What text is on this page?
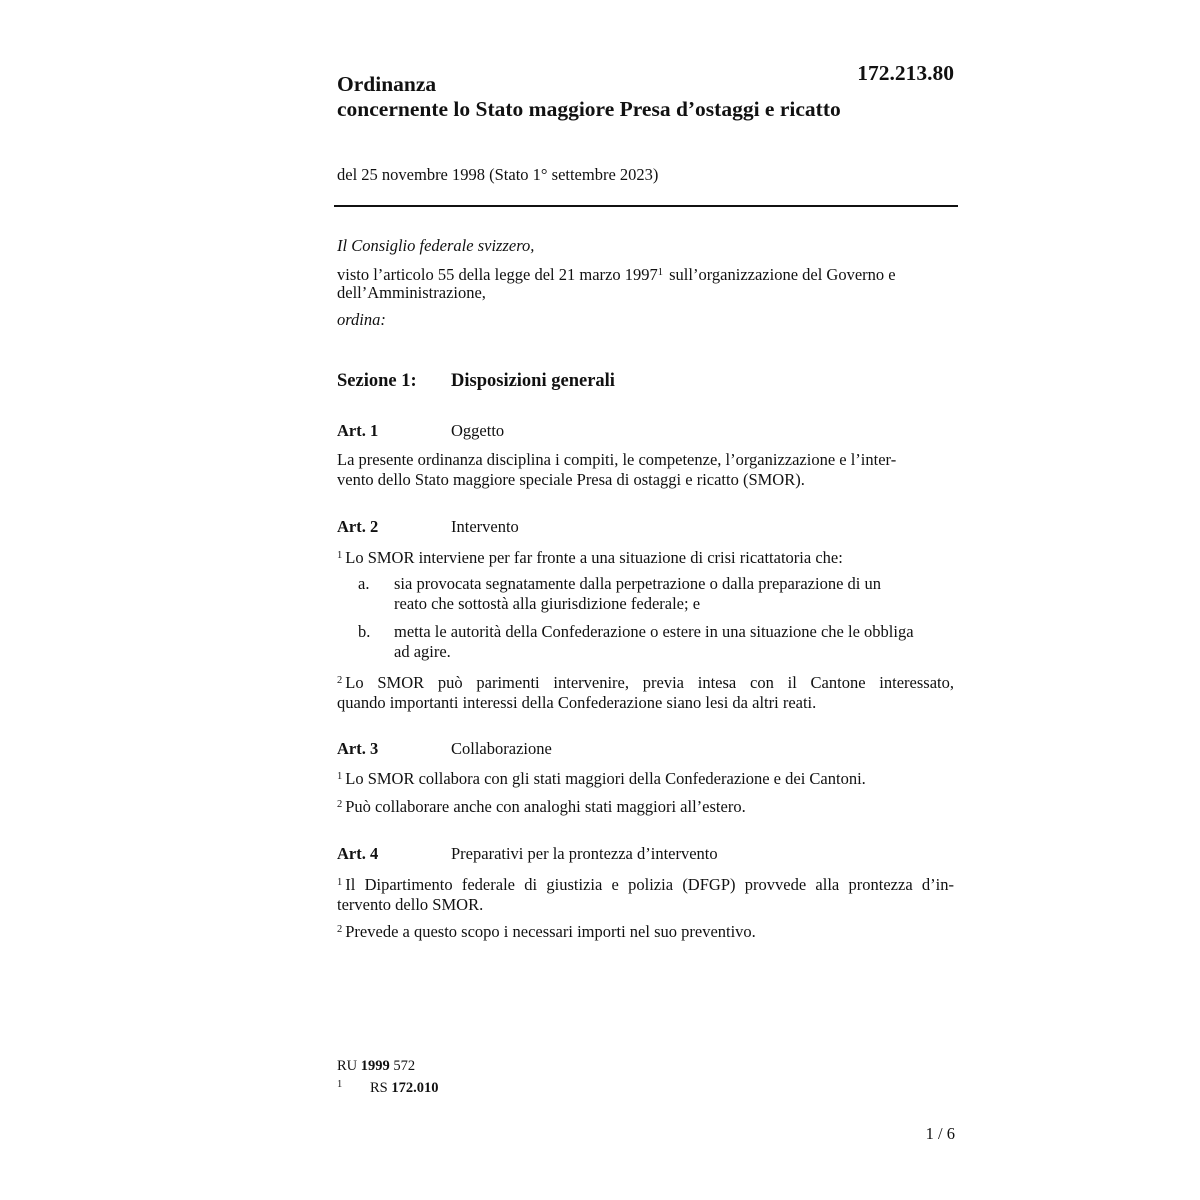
Ordinanza
concernente lo Stato maggiore Presa d’ostaggi e ricatto
172.213.80
del 25 novembre 1998 (Stato 1° settembre 2023)
Il Consiglio federale svizzero,
visto l’articolo 55 della legge del 21 marzo 1997$^1$ sull’organizzazione del Governo e
dell’Amministrazione,
ordina:
Sezione 1: Disposizioni generali
Art. 1	Oggetto
La presente ordinanza disciplina i compiti, le competenze, l’organizzazione e l’inter-
vento dello Stato maggiore speciale Presa di ostaggi e ricatto (SMOR).
Art. 2	Intervento
$^1$ Lo SMOR interviene per far fronte a una situazione di crisi ricattatoria che:
a. sia provocata segnatamente dalla perpetrazione o dalla preparazione di un
reato che sottostà alla giurisdizione federale; e
b. metta le autorità della Confederazione o estere in una situazione che le obbliga
ad agire.
$^2$ Lo SMOR può parimenti intervenire, previa intesa con il Cantone interessato,
quando importanti interessi della Confederazione siano lesi da altri reati.
Art. 3	Collaborazione
$^1$ Lo SMOR collabora con gli stati maggiori della Confederazione e dei Cantoni.
$^2$ Può collaborare anche con analoghi stati maggiori all’estero.
Art. 4	Preparativi per la prontezza d’intervento
$^1$ Il Dipartimento federale di giustizia e polizia (DFGP) provvede alla prontezza d’in-
tervento dello SMOR.
$^2$ Prevede a questo scopo i necessari importi nel suo preventivo.
RU 1999 572
1 RS 172.010
1 / 6
